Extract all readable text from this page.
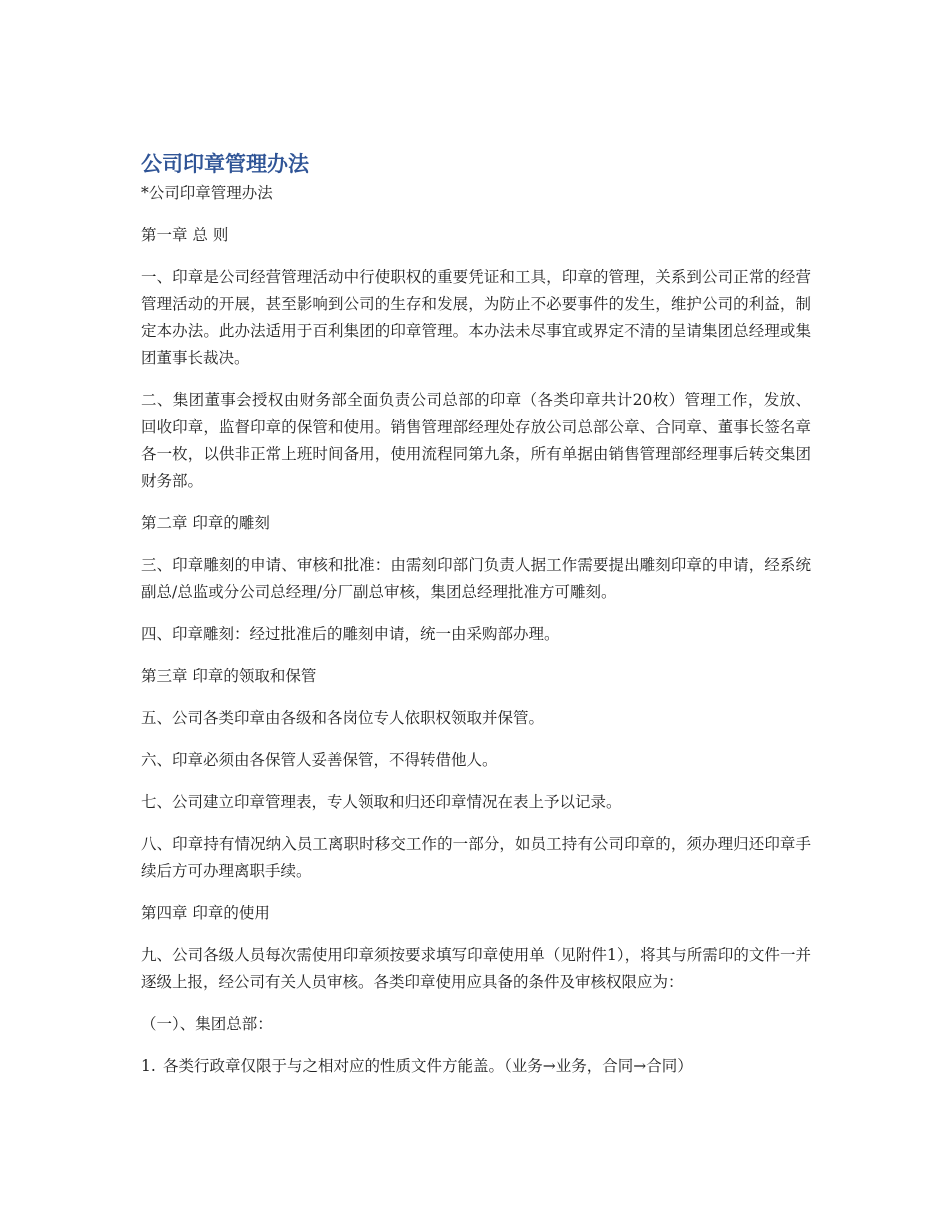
公司印章管理办法

*公司印章管理办法

第一章 总 则

一、印章是公司经营管理活动中行使职权的重要凭证和工具，印章的管理，关系到公司正常的经营管理活动的开展，甚至影响到公司的生存和发展，为防止不必要事件的发生，维护公司的利益，制定本办法。此办法适用于百利集团的印章管理。本办法未尽事宜或界定不清的呈请集团总经理或集团董事长裁决。

二、集团董事会授权由财务部全面负责公司总部的印章（各类印章共计20枚）管理工作，发放、回收印章，监督印章的保管和使用。销售管理部经理处存放公司总部公章、合同章、董事长签名章各一枚，以供非正常上班时间备用，使用流程同第九条，所有单据由销售管理部经理事后转交集团财务部。

第二章 印章的雕刻

三、印章雕刻的申请、审核和批准：由需刻印部门负责人据工作需要提出雕刻印章的申请，经系统副总/总监或分公司总经理/分厂副总审核，集团总经理批准方可雕刻。

四、印章雕刻：经过批准后的雕刻申请，统一由采购部办理。

第三章 印章的领取和保管

五、公司各类印章由各级和各岗位专人依职权领取并保管。

六、印章必须由各保管人妥善保管，不得转借他人。

七、公司建立印章管理表，专人领取和归还印章情况在表上予以记录。

八、印章持有情况纳入员工离职时移交工作的一部分，如员工持有公司印章的，须办理归还印章手续后方可办理离职手续。

第四章 印章的使用

九、公司各级人员每次需使用印章须按要求填写印章使用单（见附件1），将其与所需印的文件一并逐级上报，经公司有关人员审核。各类印章使用应具备的条件及审核权限应为：

（一）、集团总部：

1. 各类行政章仅限于与之相对应的性质文件方能盖。（业务→业务，合同→合同）
